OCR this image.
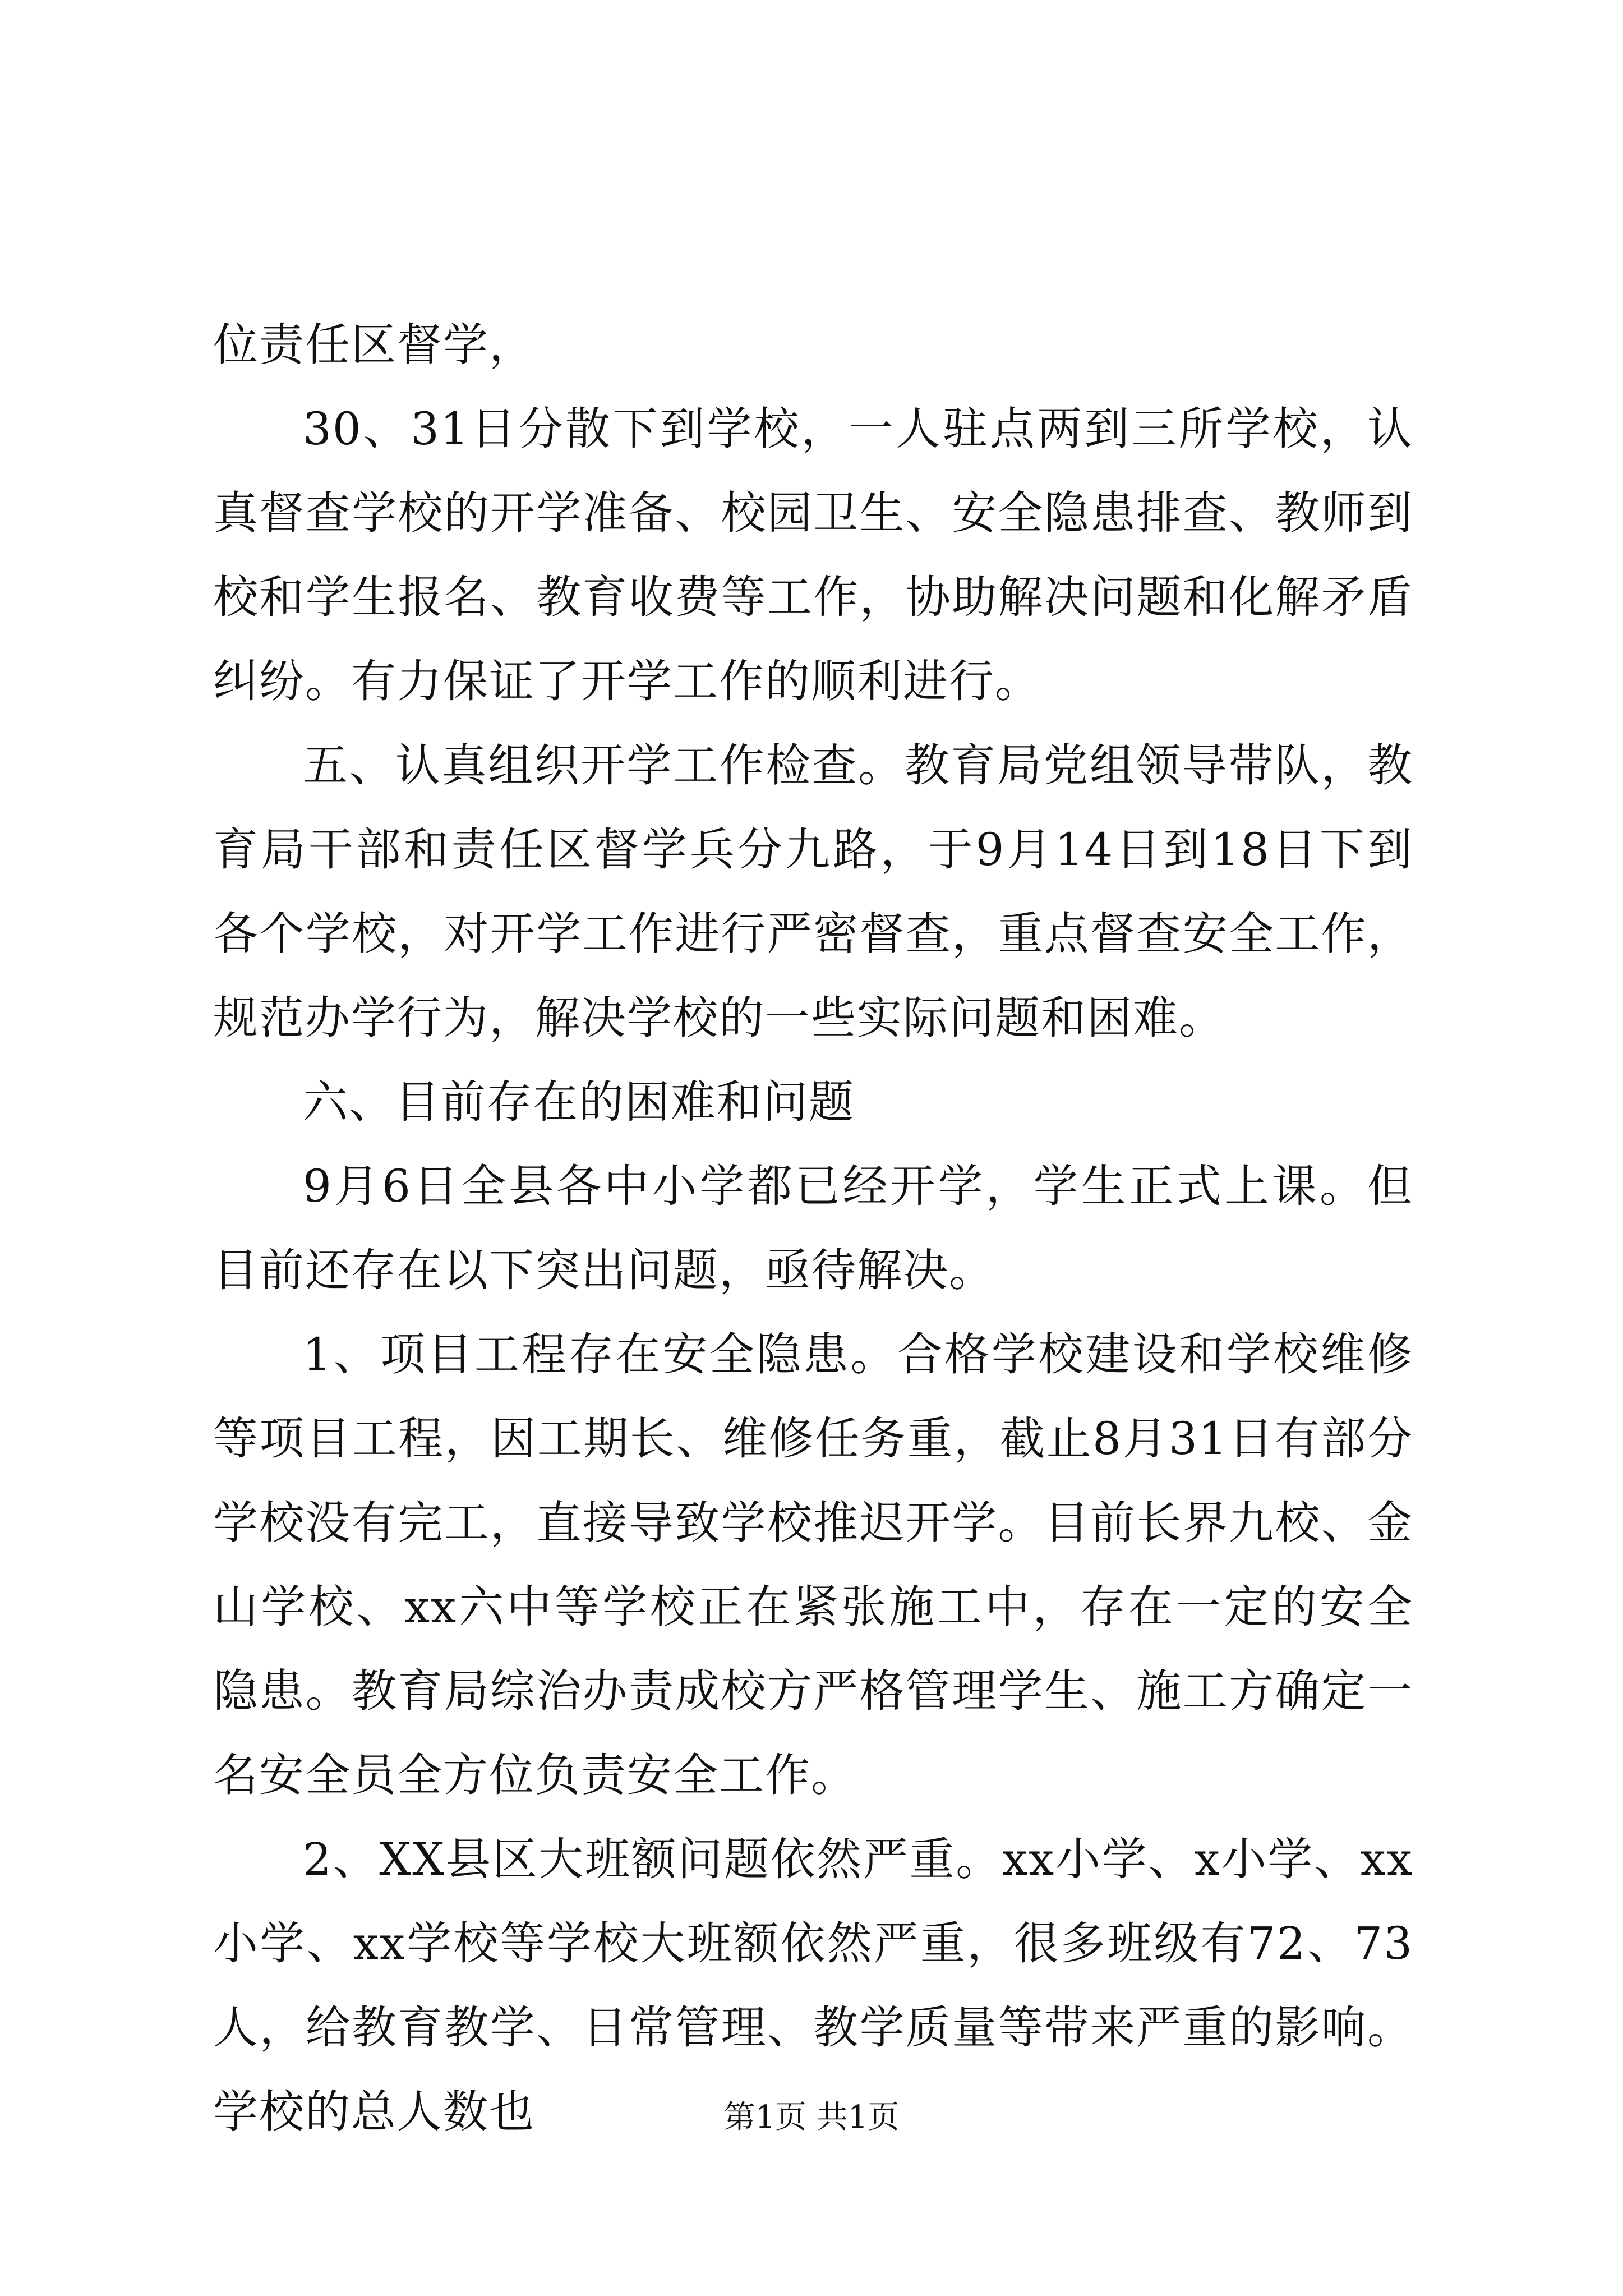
位责任区督学，

30、31日分散下到学校，一人驻点两到三所学校，认真督查学校的开学准备、校园卫生、安全隐患排查、教师到校和学生报名、教育收费等工作，协助解决问题和化解矛盾纠纷。有力保证了开学工作的顺利进行。

五、认真组织开学工作检查。教育局党组领导带队，教育局干部和责任区督学兵分九路，于9月14日到18日下到各个学校，对开学工作进行严密督查，重点督查安全工作，规范办学行为，解决学校的一些实际问题和困难。

六、目前存在的困难和问题

9月6日全县各中小学都已经开学，学生正式上课。但目前还存在以下突出问题，亟待解决。

1、项目工程存在安全隐患。合格学校建设和学校维修等项目工程，因工期长、维修任务重，截止8月31日有部分学校没有完工，直接导致学校推迟开学。目前长界九校、金山学校、xx六中等学校正在紧张施工中，存在一定的安全隐患。教育局综治办责成校方严格管理学生、施工方确定一名安全员全方位负责安全工作。

2、XX县区大班额问题依然严重。xx小学、x小学、xx小学、xx学校等学校大班额依然严重，很多班级有72、73人，给教育教学、日常管理、教学质量等带来严重的影响。学校的总人数也	第1页 共1页
